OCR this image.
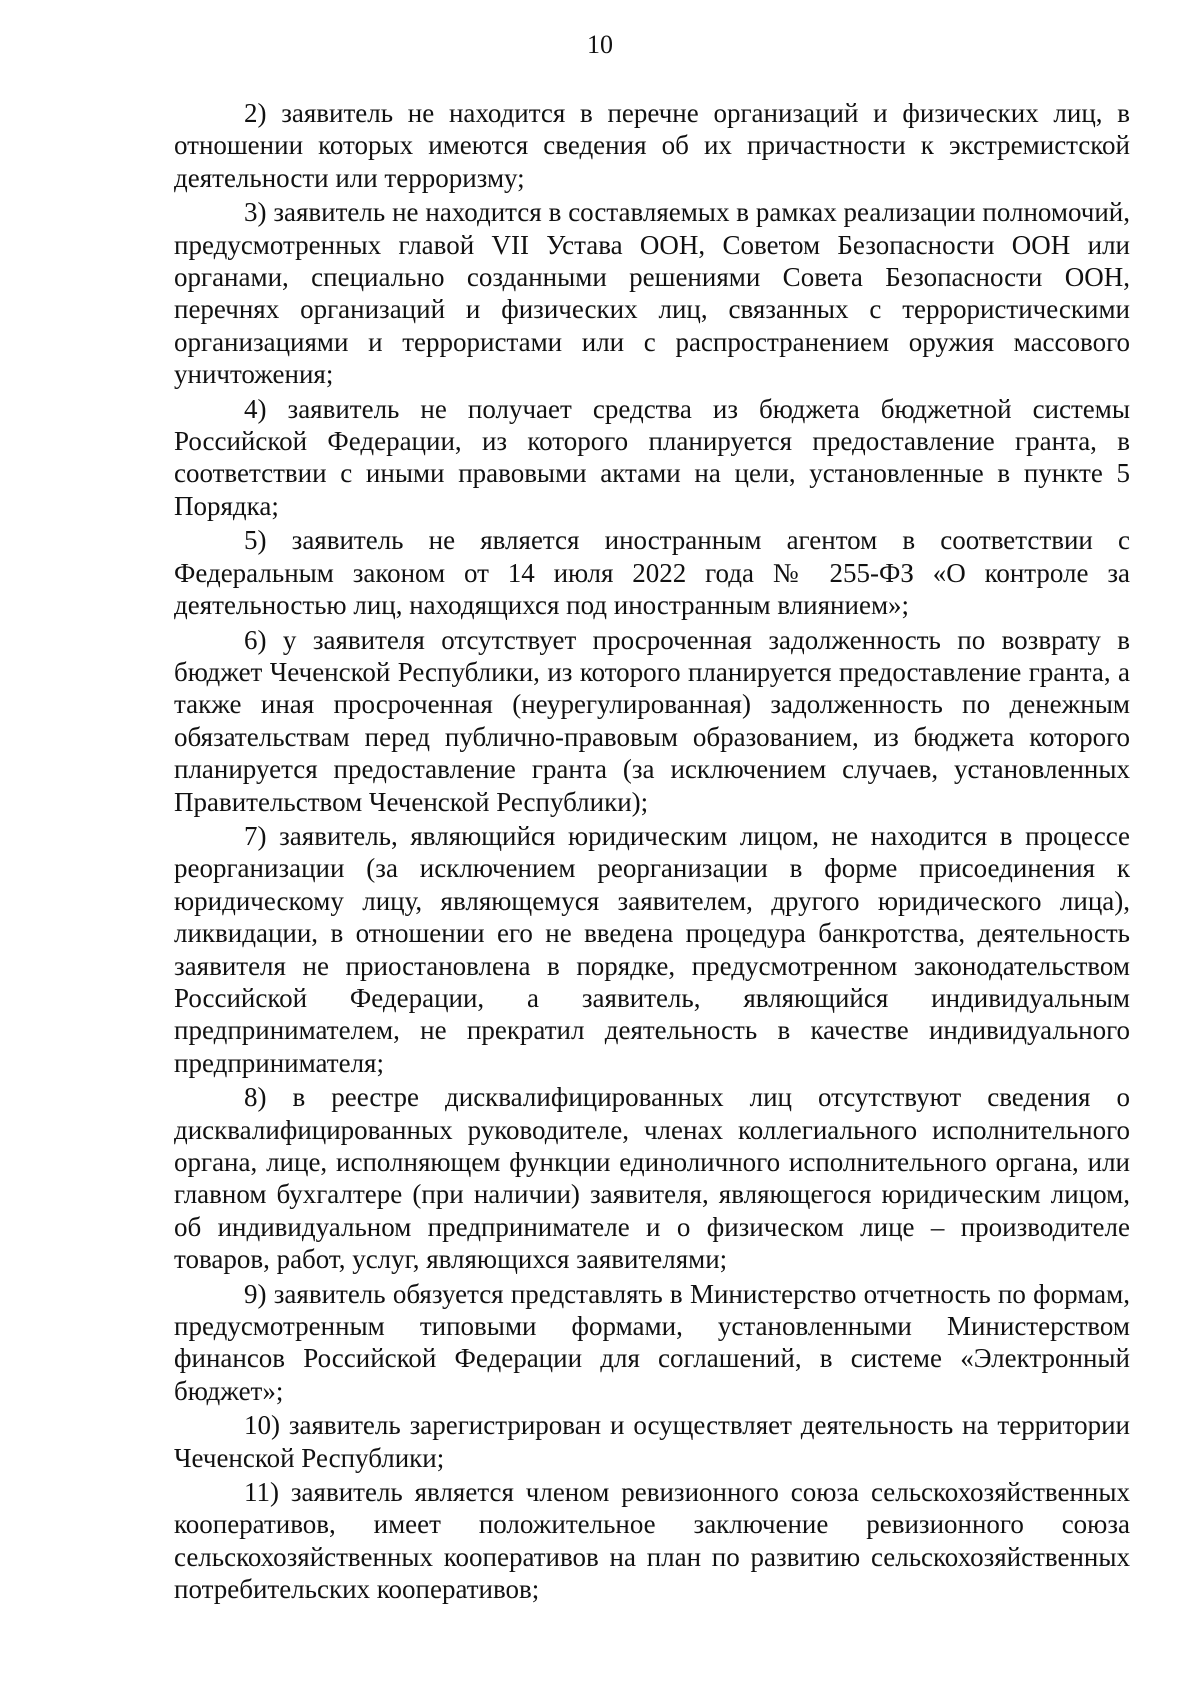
10

2) заявитель не находится в перечне организаций и физических лиц, в отношении которых имеются сведения об их причастности к экстремистской деятельности или терроризму;

3) заявитель не находится в составляемых в рамках реализации полномочий, предусмотренных главой VII Устава ООН, Советом Безопасности ООН или органами, специально созданными решениями Совета Безопасности ООН, перечнях организаций и физических лиц, связанных с террористическими организациями и террористами или с распространением оружия массового уничтожения;

4) заявитель не получает средства из бюджета бюджетной системы Российской Федерации, из которого планируется предоставление гранта, в соответствии с иными правовыми актами на цели, установленные в пункте 5 Порядка;

5) заявитель не является иностранным агентом в соответствии с Федеральным законом от 14 июля 2022 года № 255-ФЗ «О контроле за деятельностью лиц, находящихся под иностранным влиянием»;

6) у заявителя отсутствует просроченная задолженность по возврату в бюджет Чеченской Республики, из которого планируется предоставление гранта, а также иная просроченная (неурегулированная) задолженность по денежным обязательствам перед публично-правовым образованием, из бюджета которого планируется предоставление гранта (за исключением случаев, установленных Правительством Чеченской Республики);

7) заявитель, являющийся юридическим лицом, не находится в процессе реорганизации (за исключением реорганизации в форме присоединения к юридическому лицу, являющемуся заявителем, другого юридического лица), ликвидации, в отношении его не введена процедура банкротства, деятельность заявителя не приостановлена в порядке, предусмотренном законодательством Российской Федерации, а заявитель, являющийся индивидуальным предпринимателем, не прекратил деятельность в качестве индивидуального предпринимателя;

8) в реестре дисквалифицированных лиц отсутствуют сведения о дисквалифицированных руководителе, членах коллегиального исполнительного органа, лице, исполняющем функции единоличного исполнительного органа, или главном бухгалтере (при наличии) заявителя, являющегося юридическим лицом, об индивидуальном предпринимателе и о физическом лице – производителе товаров, работ, услуг, являющихся заявителями;

9) заявитель обязуется представлять в Министерство отчетность по формам, предусмотренным типовыми формами, установленными Министерством финансов Российской Федерации для соглашений, в системе «Электронный бюджет»;

10) заявитель зарегистрирован и осуществляет деятельность на территории Чеченской Республики;

11) заявитель является членом ревизионного союза сельскохозяйственных кооперативов, имеет положительное заключение ревизионного союза сельскохозяйственных кооперативов на план по развитию сельскохозяйственных потребительских кооперативов;
